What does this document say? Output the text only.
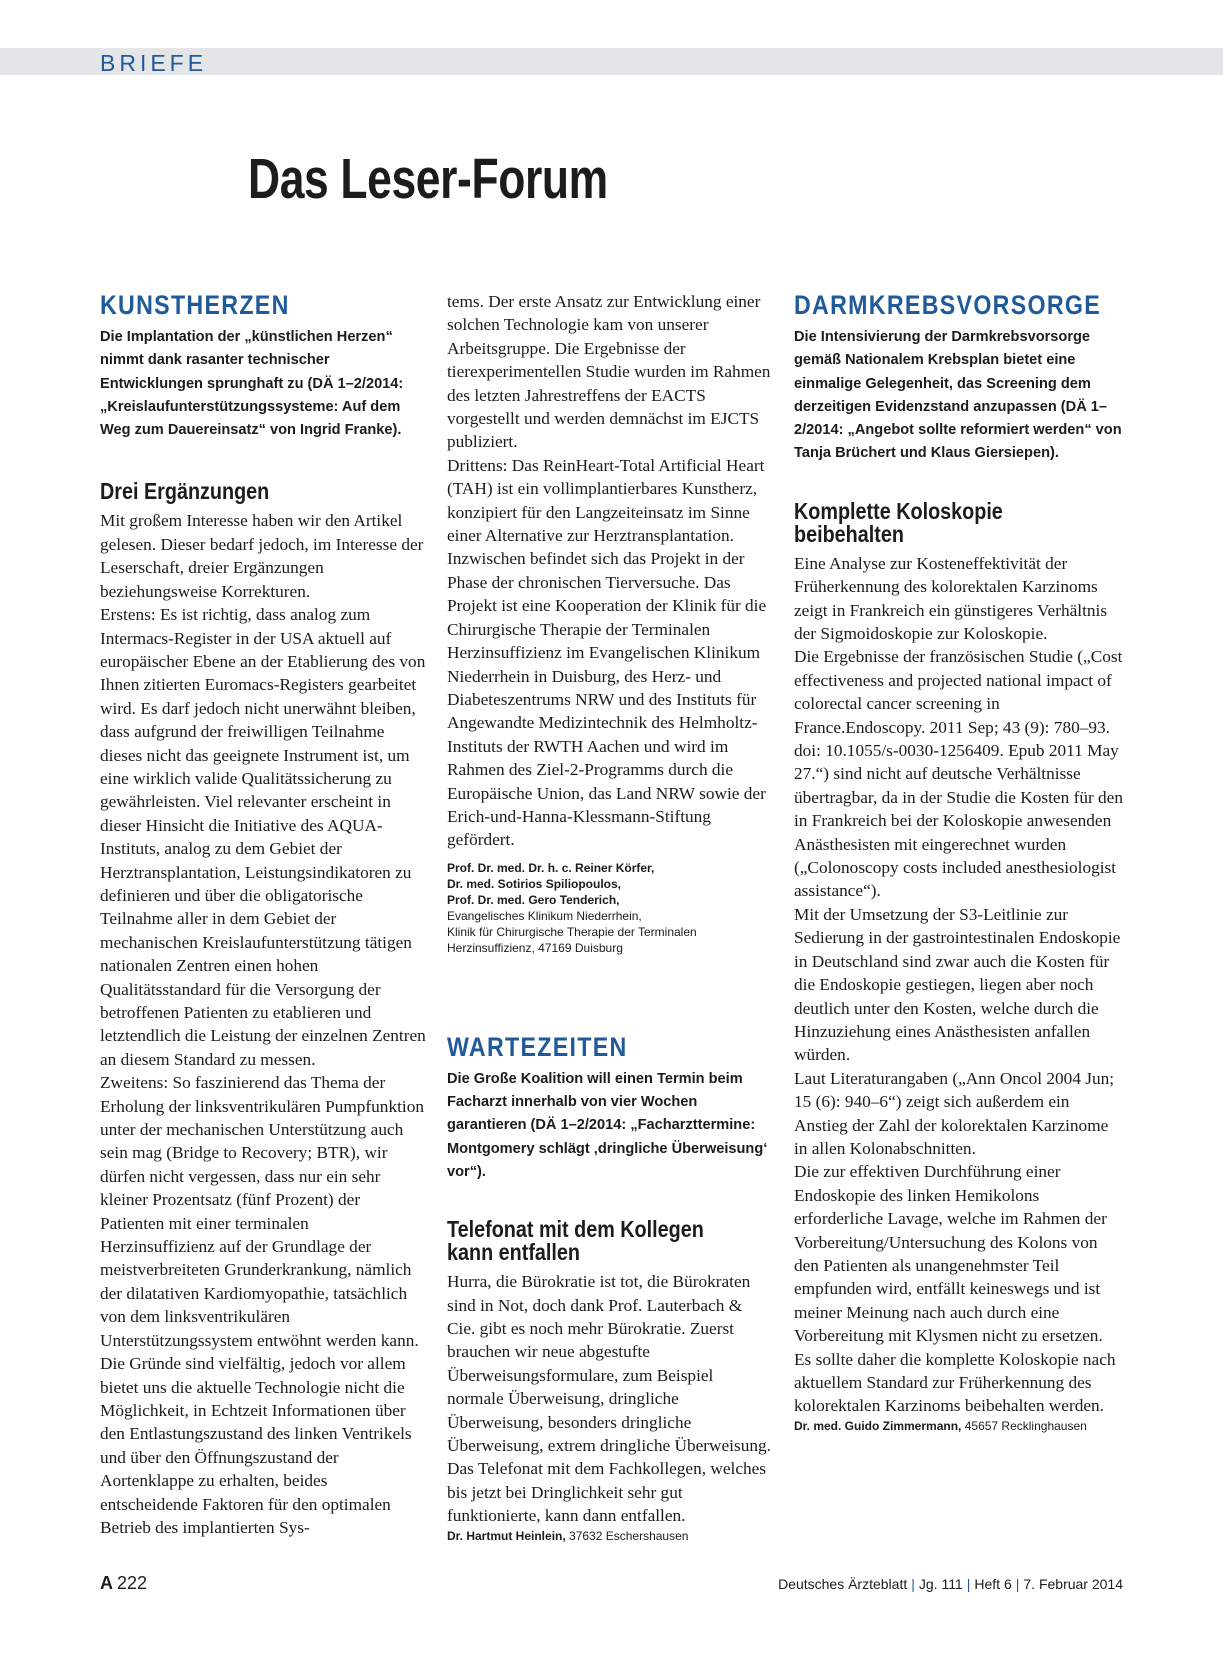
BRIEFE
Das Leser-Forum
KUNSTHERZEN

Die Implantation der „künstlichen Herzen“ nimmt dank rasanter technischer Entwicklungen sprunghaft zu (DÄ 1–2/2014: „Kreislaufunterstützungssysteme: Auf dem Weg zum Dauereinsatz“ von Ingrid Franke).

Drei Ergänzungen
Mit großem Interesse haben wir den Artikel gelesen. Dieser bedarf jedoch, im Interesse der Leserschaft, dreier Ergänzungen beziehungsweise Korrekturen.
Erstens: Es ist richtig, dass analog zum Intermacs-Register in der USA aktuell auf europäischer Ebene an der Etablierung des von Ihnen zitierten Euromacs-Registers gearbeitet wird. Es darf jedoch nicht unerwähnt bleiben, dass aufgrund der freiwilligen Teilnahme dieses nicht das geeignete Instrument ist, um eine wirklich valide Qualitätssicherung zu gewährleisten. Viel relevanter erscheint in dieser Hinsicht die Initiative des AQUA-Instituts, analog zu dem Gebiet der Herztransplantation, Leistungsindikatoren zu definieren und über die obligatorische Teilnahme aller in dem Gebiet der mechanischen Kreislaufunterstützung tätigen nationalen Zentren einen hohen Qualitätsstandard für die Versorgung der betroffenen Patienten zu etablieren und letztendlich die Leistung der einzelnen Zentren an diesem Standard zu messen.
Zweitens: So faszinierend das Thema der Erholung der linksventrikulären Pumpfunktion unter der mechanischen Unterstützung auch sein mag (Bridge to Recovery; BTR), wir dürfen nicht vergessen, dass nur ein sehr kleiner Prozentsatz (fünf Prozent) der Patienten mit einer terminalen Herzinsuffizienz auf der Grundlage der meistverbreiteten Grunderkrankung, nämlich der dilatativen Kardiomyopathie, tatsächlich von dem linksventrikulären Unterstützungssystem entwöhnt werden kann. Die Gründe sind vielfältig, jedoch vor allem bietet uns die aktuelle Technologie nicht die Möglichkeit, in Echtzeit Informationen über den Entlastungszustand des linken Ventrikels und über den Öffnungszustand der Aortenklappe zu erhalten, beides entscheidende Faktoren für den optimalen Betrieb des implantierten Sys-
tems. Der erste Ansatz zur Entwicklung einer solchen Technologie kam von unserer Arbeitsgruppe. Die Ergebnisse der tierexperimentellen Studie wurden im Rahmen des letzten Jahrestreffens der EACTS vorgestellt und werden demnächst im EJCTS publiziert.
Drittens: Das ReinHeart-Total Artificial Heart (TAH) ist ein vollimplantierbares Kunstherz, konzipiert für den Langzeiteinsatz im Sinne einer Alternative zur Herztransplantation. Inzwischen befindet sich das Projekt in der Phase der chronischen Tierversuche. Das Projekt ist eine Kooperation der Klinik für die Chirurgische Therapie der Terminalen Herzinsuffizienz im Evangelischen Klinikum Niederrhein in Duisburg, des Herz- und Diabeteszentrums NRW und des Instituts für Angewandte Medizintechnik des Helmholtz-Instituts der RWTH Aachen und wird im Rahmen des Ziel-2-Programms durch die Europäische Union, das Land NRW sowie der Erich-und-Hanna-Klessmann-Stiftung gefördert.

Prof. Dr. med. Dr. h. c. Reiner Körfer,
Dr. med. Sotirios Spiliopoulos,
Prof. Dr. med. Gero Tenderich,
Evangelisches Klinikum Niederrhein,
Klinik für Chirurgische Therapie der Terminalen
Herzinsuffizienz, 47169 Duisburg

WARTEZEITEN

Die Große Koalition will einen Termin beim Facharzt innerhalb von vier Wochen garantieren (DÄ 1–2/2014: „Facharzttermine: Montgomery schlägt ‚dringliche Überweisung‘ vor“).

Telefonat mit dem Kollegen kann entfallen
Hurra, die Bürokratie ist tot, die Bürokraten sind in Not, doch dank Prof. Lauterbach & Cie. gibt es noch mehr Bürokratie. Zuerst brauchen wir neue abgestufte Überweisungsformulare, zum Beispiel normale Überweisung, dringliche Überweisung, besonders dringliche Überweisung, extrem dringliche Überweisung. Das Telefonat mit dem Fachkollegen, welches bis jetzt bei Dringlichkeit sehr gut funktionierte, kann dann entfallen.

Dr. Hartmut Heinlein, 37632 Eschershausen

DARMKREBSVORSORGE

Die Intensivierung der Darmkrebsvorsorge gemäß Nationalem Krebsplan bietet eine einmalige Gelegenheit, das Screening dem derzeitigen Evidenzstand anzupassen (DÄ 1–2/2014: „Angebot sollte reformiert werden“ von Tanja Brüchert und Klaus Giersiepen).

Komplette Koloskopie beibehalten
Eine Analyse zur Kosteneffektivität der Früherkennung des kolorektalen Karzinoms zeigt in Frankreich ein günstigeres Verhältnis der Sigmoidoskopie zur Koloskopie.
Die Ergebnisse der französischen Studie („Cost effectiveness and projected national impact of colorectal cancer screening in France.Endoscopy. 2011 Sep; 43 (9): 780–93. doi: 10.1055/s-0030-1256409. Epub 2011 May 27.“) sind nicht auf deutsche Verhältnisse übertragbar, da in der Studie die Kosten für den in Frankreich bei der Koloskopie anwesenden Anästhesisten mit eingerechnet wurden („Colonoscopy costs included anesthesiologist assistance“).
Mit der Umsetzung der S3-Leitlinie zur Sedierung in der gastrointestinalen Endoskopie in Deutschland sind zwar auch die Kosten für die Endoskopie gestiegen, liegen aber noch deutlich unter den Kosten, welche durch die Hinzuziehung eines Anästhesisten anfallen würden.
Laut Literaturangaben („Ann Oncol 2004 Jun; 15 (6): 940–6“) zeigt sich außerdem ein Anstieg der Zahl der kolorektalen Karzinome in allen Kolonabschnitten.
Die zur effektiven Durchführung einer Endoskopie des linken Hemikolons erforderliche Lavage, welche im Rahmen der Vorbereitung/Untersuchung des Kolons von den Patienten als unangenehmster Teil empfunden wird, entfällt keineswegs und ist meiner Meinung nach auch durch eine Vorbereitung mit Klysmen nicht zu ersetzen. Es sollte daher die komplette Koloskopie nach aktuellem Standard zur Früherkennung des kolorektalen Karzinoms beibehalten werden.

Dr. med. Guido Zimmermann, 45657 Recklinghausen

A 222	Deutsches Ärzteblatt | Jg. 111 | Heft 6 | 7. Februar 2014
